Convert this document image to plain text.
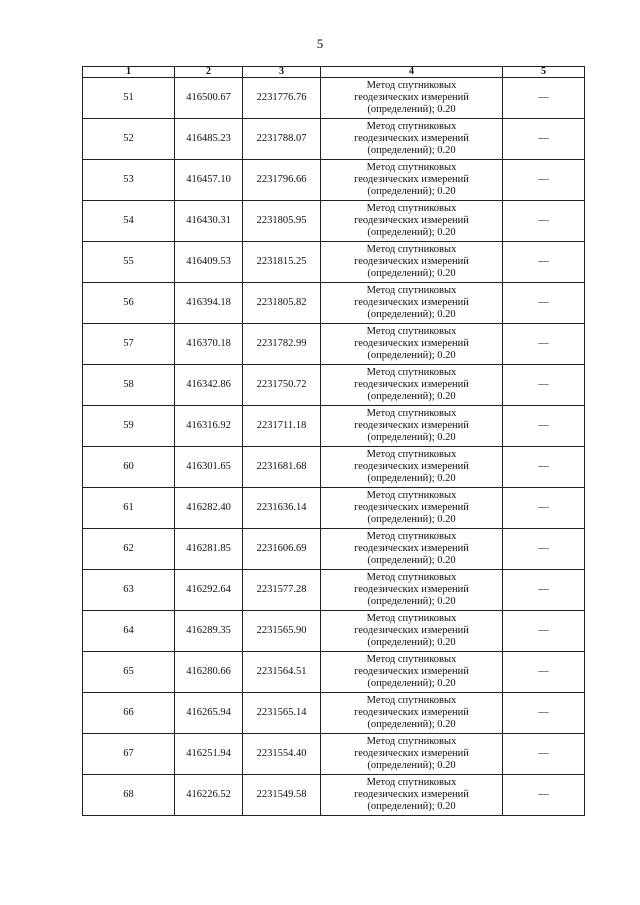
5
1	2	3	4	5
51	416500.67	2231776.76	Метод спутниковых
геодезических измерений
(определений); 0.20	—
52	416485.23	2231788.07	Метод спутниковых
геодезических измерений
(определений); 0.20	—
53	416457.10	2231796.66	Метод спутниковых
геодезических измерений
(определений); 0.20	—
54	416430.31	2231805.95	Метод спутниковых
геодезических измерений
(определений); 0.20	—
55	416409.53	2231815.25	Метод спутниковых
геодезических измерений
(определений); 0.20	—
56	416394.18	2231805.82	Метод спутниковых
геодезических измерений
(определений); 0.20	—
57	416370.18	2231782.99	Метод спутниковых
геодезических измерений
(определений); 0.20	—
58	416342.86	2231750.72	Метод спутниковых
геодезических измерений
(определений); 0.20	—
59	416316.92	2231711.18	Метод спутниковых
геодезических измерений
(определений); 0.20	—
60	416301.65	2231681.68	Метод спутниковых
геодезических измерений
(определений); 0.20	—
61	416282.40	2231636.14	Метод спутниковых
геодезических измерений
(определений); 0.20	—
62	416281.85	2231606.69	Метод спутниковых
геодезических измерений
(определений); 0.20	—
63	416292.64	2231577.28	Метод спутниковых
геодезических измерений
(определений); 0.20	—
64	416289.35	2231565.90	Метод спутниковых
геодезических измерений
(определений); 0.20	—
65	416280.66	2231564.51	Метод спутниковых
геодезических измерений
(определений); 0.20	—
66	416265.94	2231565.14	Метод спутниковых
геодезических измерений
(определений); 0.20	—
67	416251.94	2231554.40	Метод спутниковых
геодезических измерений
(определений); 0.20	—
68	416226.52	2231549.58	Метод спутниковых
геодезических измерений
(определений); 0.20	—
